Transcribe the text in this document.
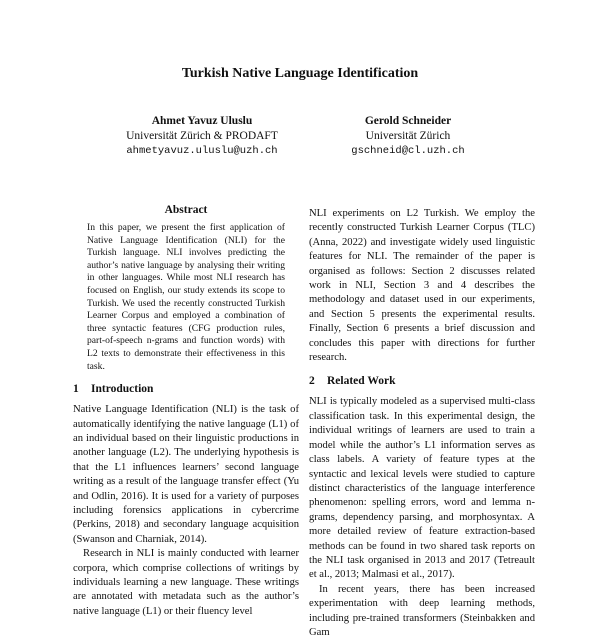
Turkish Native Language Identification
Ahmet Yavuz Uluslu
Universität Zürich & PRODAFT
ahmetyavuz.uluslu@uzh.ch
Gerold Schneider
Universität Zürich
gschneid@cl.uzh.ch
Abstract

In this paper, we present the first application of Native Language Identification (NLI) for the Turkish language. NLI involves predicting the author’s native language by analysing their writing in other languages. While most NLI research has focused on English, our study extends its scope to Turkish. We used the recently constructed Turkish Learner Corpus and employed a combination of three syntactic features (CFG production rules, part-of-speech n-grams and function words) with L2 texts to demonstrate their effectiveness in this task.

1 Introduction

Native Language Identification (NLI) is the task of automatically identifying the native language (L1) of an individual based on their linguistic productions in another language (L2). The underlying hypothesis is that the L1 influences learners’ second language writing as a result of the language transfer effect (Yu and Odlin, 2016). It is used for a variety of purposes including forensics applications in cybercrime (Perkins, 2018) and secondary language acquisition (Swanson and Charniak, 2014).

Research in NLI is mainly conducted with learner corpora, which comprise collections of writings by individuals learning a new language. These writings are annotated with metadata such as the author’s native language (L1) or their fluency level

NLI experiments on L2 Turkish. We employ the recently constructed Turkish Learner Corpus (TLC) (Anna, 2022) and investigate widely used linguistic features for NLI. The remainder of the paper is organised as follows: Section 2 discusses related work in NLI, Section 3 and 4 describes the methodology and dataset used in our experiments, and Section 5 presents the experimental results. Finally, Section 6 presents a brief discussion and concludes this paper with directions for further research.

2 Related Work

NLI is typically modeled as a supervised multi-class classification task. In this experimental design, the individual writings of learners are used to train a model while the author’s L1 information serves as class labels. A variety of feature types at the syntactic and lexical levels were studied to capture distinct characteristics of the language interference phenomenon: spelling errors, word and lemma n-grams, dependency parsing, and morphosyntax. A more detailed review of feature extraction-based methods can be found in two shared task reports on the NLI task organised in 2013 and 2017 (Tetreault et al., 2013; Malmasi et al., 2017).

In recent years, there has been increased experimentation with deep learning methods, including pre-trained transformers (Steinbakken and Gam
